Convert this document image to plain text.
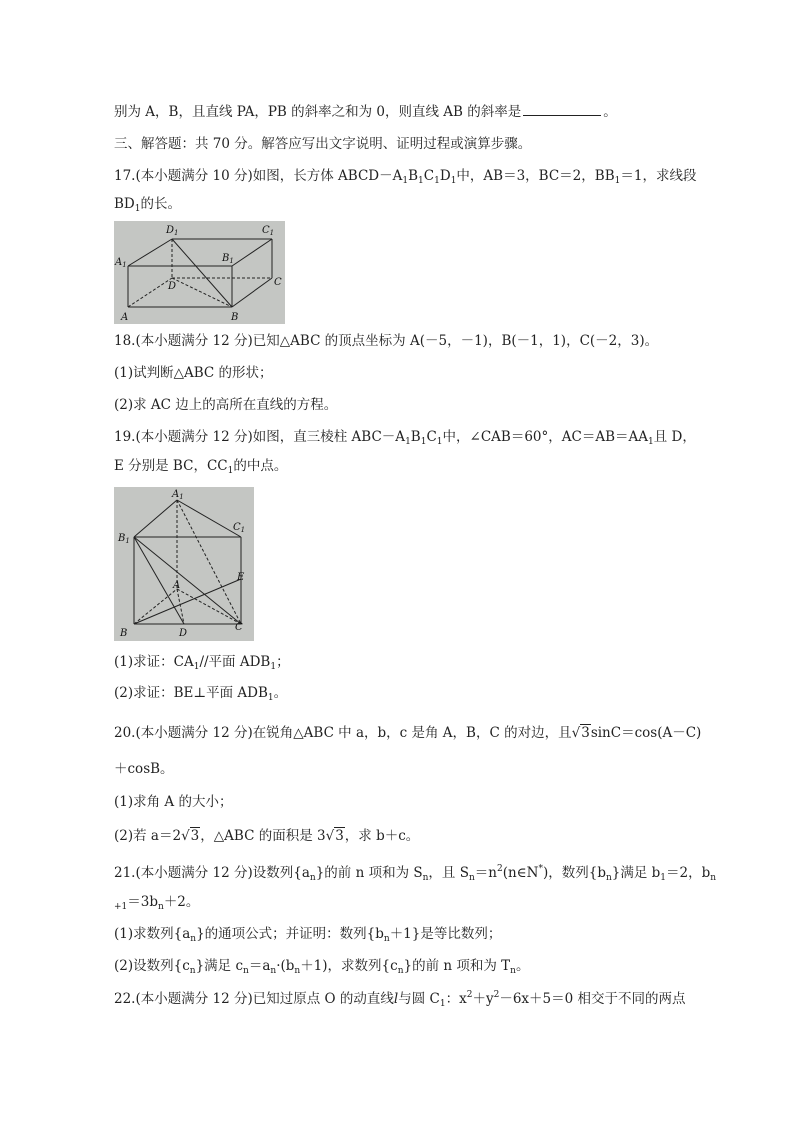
别为 A，B，且直线 PA，PB 的斜率之和为 0，则直线 AB 的斜率是	。
三、解答题：共 70 分。解答应写出文字说明、证明过程或演算步骤。
17.(本小题满分 10 分)如图，长方体 $ABCD-A_1B_1C_1D_1$中，AB＝3，BC＝2，$BB_1=1$，求线段
$BD_1$的长。
$D_1$	$C_1$
$A_1$
$B_1$
D	C
A	B
18.(本小题满分 12 分)已知△ABC 的顶点坐标为 A(－5，－1)，B(－1，1)，C(－2，3)。
(1)试判断△ABC 的形状；
(2)求 AC 边上的高所在直线的方程。
19.(本小题满分 12 分)如图，直三棱柱 $ABC-A_1B_1C_1$中，∠CAB＝60°，$AC=AB=AA_1$且 D，
E 分别是 BC，$CC_1$的中点。
$A_1$
$B_1$
$C_1$
A
E
B	D
C
(1)求证：$CA_1//$平面 $ADB_1$；
(2)求证：BE⊥平面 $ADB_1$。
20.(本小题满分 12 分)在锐角△ABC 中 a，b，c 是角 A，B，C 的对边，且√3sinC＝cos(A－C)
＋cosB。
(1)求角 A 的大小；
(2)若 a＝2√3，△ABC 的面积是 3√3，求 b＋c。
21.(本小题满分 12 分)设数列$\{a_n\}$的前 n 项和为 $S_n$，且 $S_n=n^2(n\in N^*)$，数列$\{b_n\}$满足 $b_1=2$，$b_n$
$_{+1}=3b_n+2$。
(1)求数列$\{a_n\}$的通项公式；并证明：数列$\{b_n+1\}$是等比数列；
(2)设数列$\{c_n\}$满足 $c_n=a_n\cdot(b_n+1)$，求数列$\{c_n\}$的前 n 项和为 $T_n$。
22.(本小题满分 12 分)已知过原点 O 的动直线l与圆 $C_1$：$x^2+y^2-6x+5=0$ 相交于不同的两点
